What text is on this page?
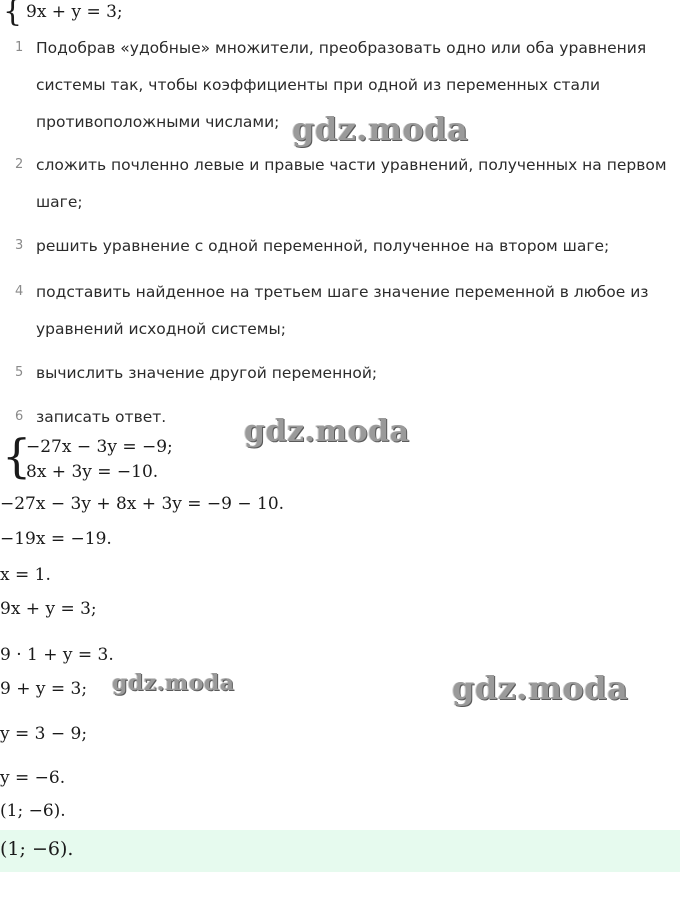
{ 9x + y = 3;
1 Подобрав «удобные» множители, преобразовать одно или оба уравнения системы так, чтобы коэффициенты при одной из переменных стали противоположными числами;
2 сложить почленно левые и правые части уравнений, полученных на первом шаге;
3 решить уравнение с одной переменной, полученное на втором шаге;
4 подставить найденное на третьем шаге значение переменной в любое из уравнений исходной системы;
5 вычислить значение другой переменной;
6 записать ответ.
{
−27x − 3y = −9;
8x + 3y = −10.
−27x − 3y + 8x + 3y = −9 − 10.
−19x = −19.
x = 1.
9x + y = 3;
9 · 1 + y = 3.
9 + y = 3;
y = 3 − 9;
y = −6.
(1; −6).
(1; −6).
gdz.moda
gdz.moda
gdz.moda	gdz.moda
